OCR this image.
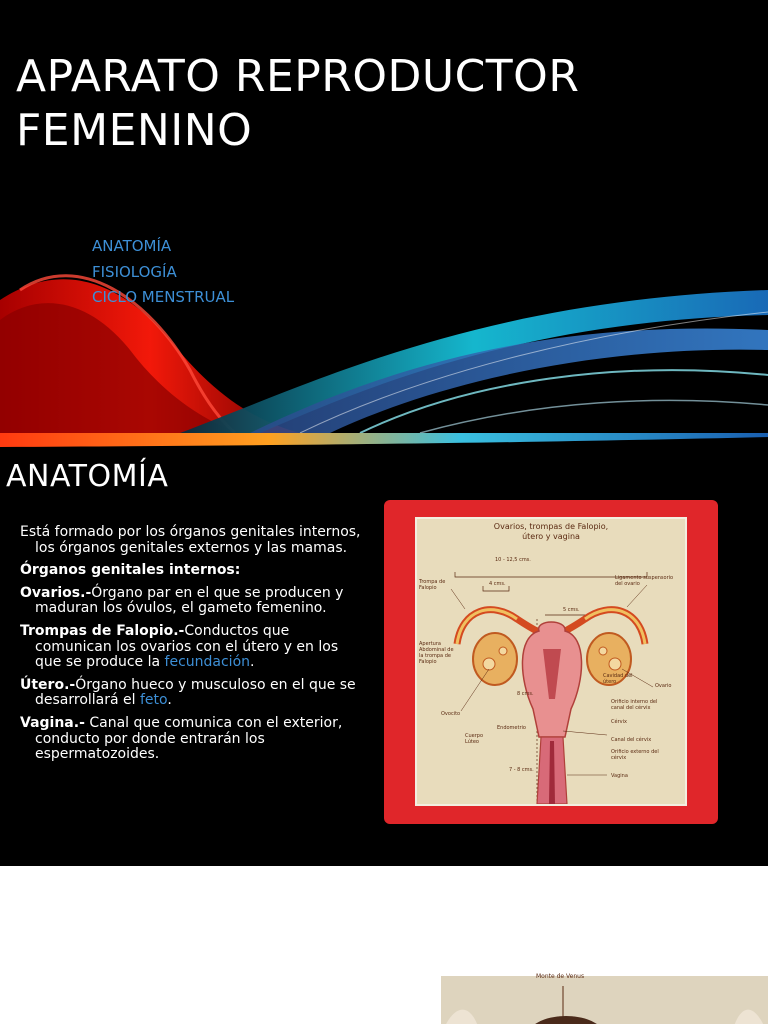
APARATO REPRODUCTOR
FEMENINO
ANATOMÍA
FISIOLOGÍA
CICLO MENSTRUAL
ANATOMÍA

Está formado por los órganos genitales internos, los órganos genitales externos y las mamas.

Órganos genitales internos:

Ovarios.-Órgano par en el que se producen y maduran los óvulos, el gameto femenino.

Trompas de Falopio.-Conductos que comunican los ovarios con el útero y en los que se produce la fecundación.

Útero.-Órgano hueco y musculoso en el que se desarrollará el feto.

Vagina.- Canal que comunica con el exterior, conducto por donde entrarán los espermatozoides.

Ovarios, trompas de Falopio,
útero y vagina
10 - 12,5 cms.
4 cms.
5 cms.
8 cms.
7 - 8 cms.
Trompa de Falopio
Ligamento suspensorio del ovario
Apertura Abdominal de la trompa de Falopio
Cavidad del útero
Ovario
Orificio interno del canal del cérvix
Cérvix
Ovocito
Endometrio
Canal del cérvix
Orificio externo del cérvix
Cuerpo Lúteo
Vagina
Monte de Venus
